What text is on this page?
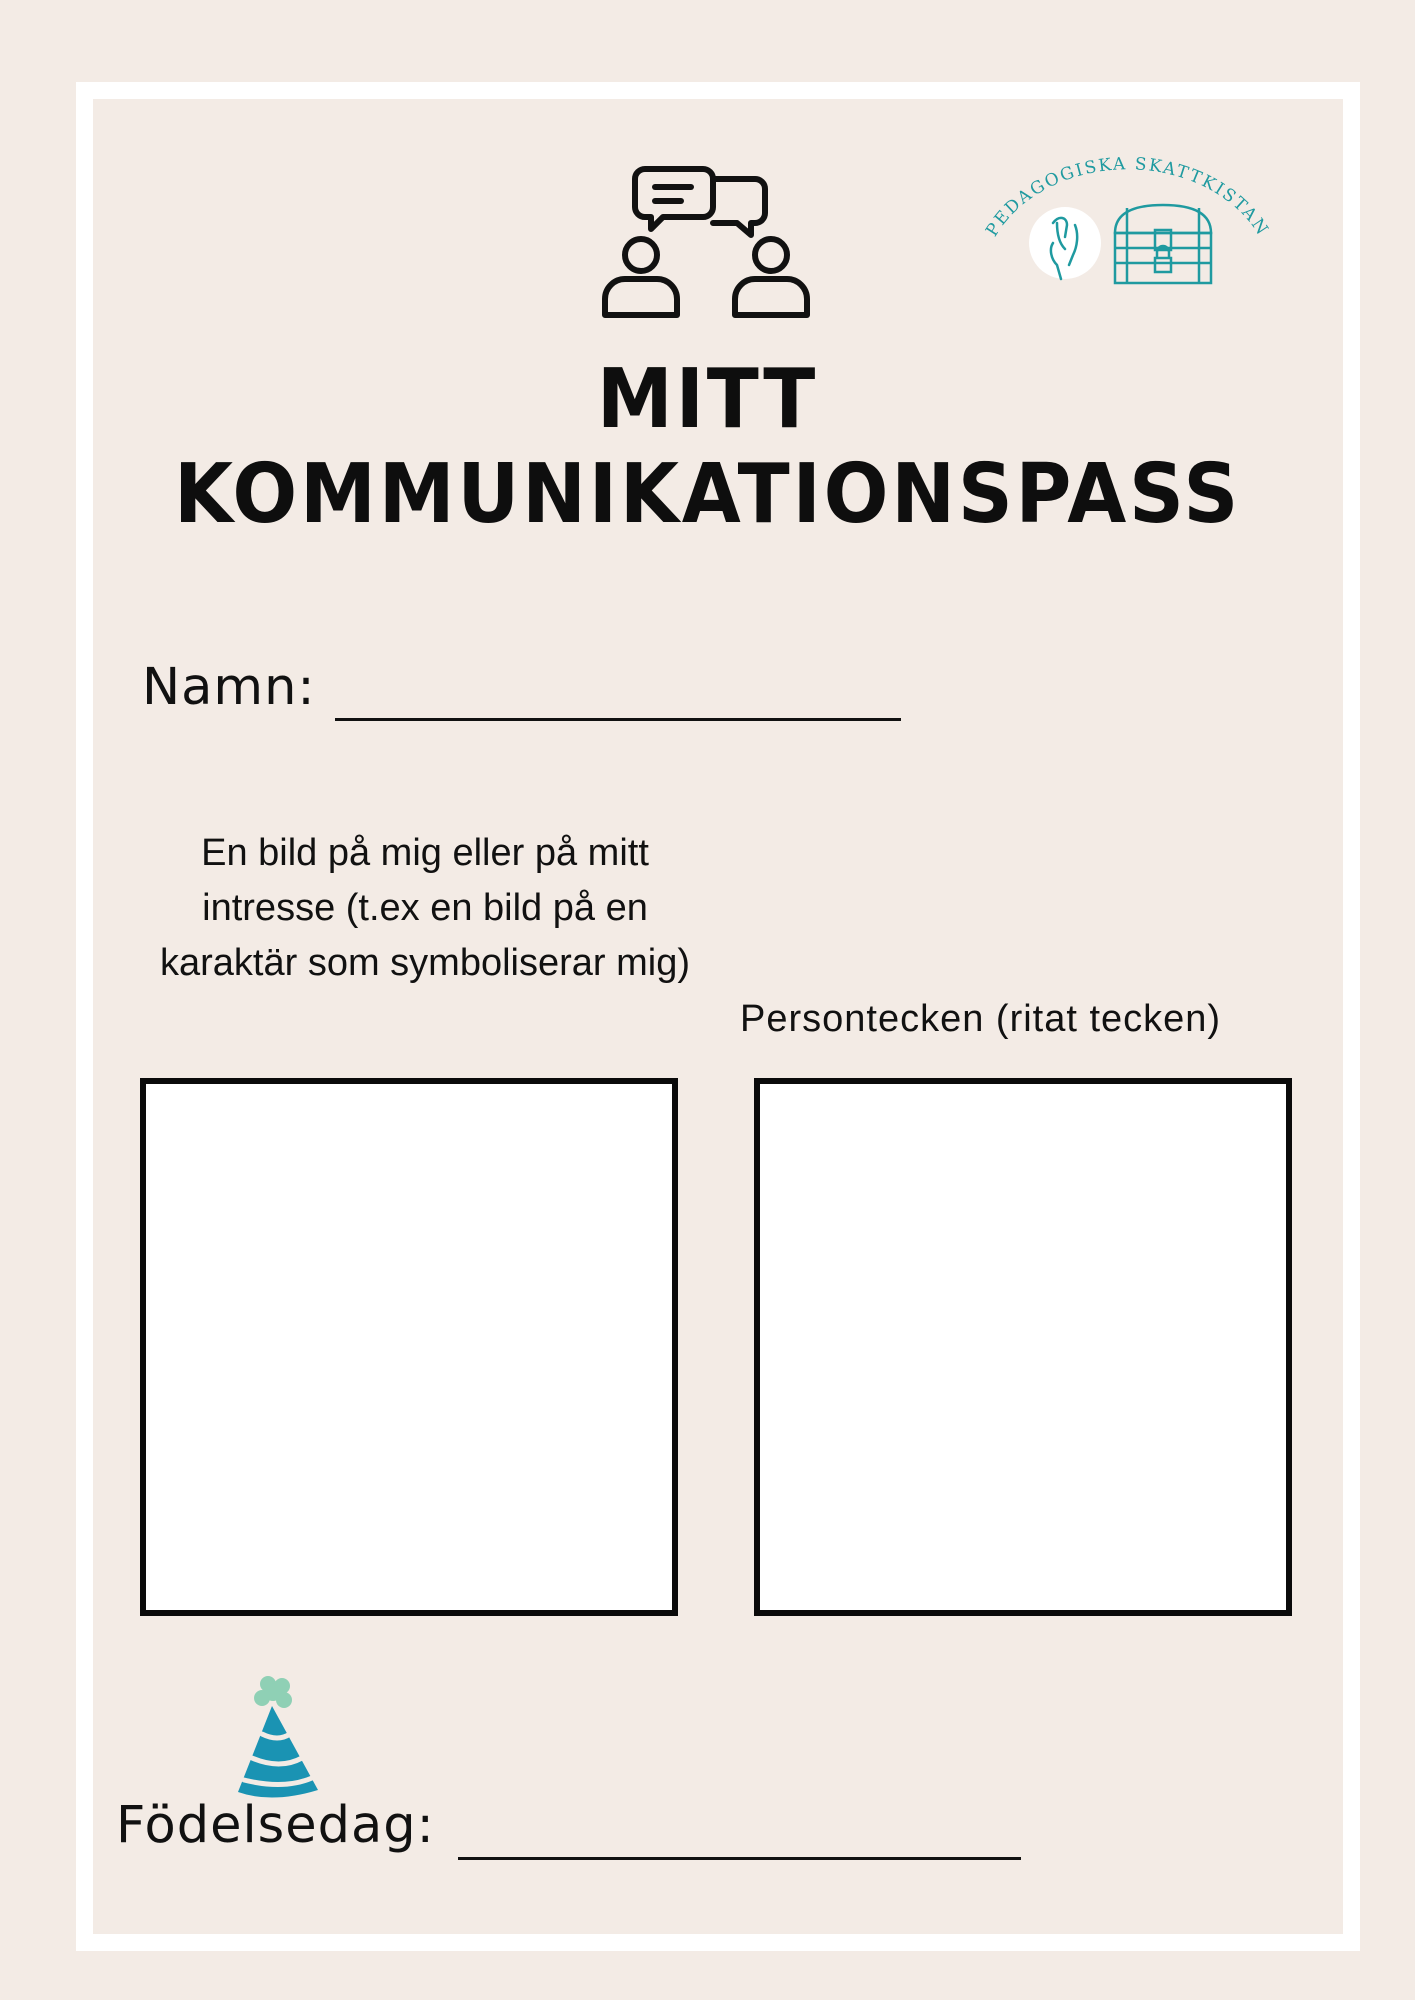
PEDAGOGISKA SKATTKISTAN
MITT KOMMUNIKATIONSPASS
Namn:
En bild på mig eller på mitt intresse (t.ex en bild på en karaktär som symboliserar mig)
Persontecken (ritat tecken)
Födelsedag:
